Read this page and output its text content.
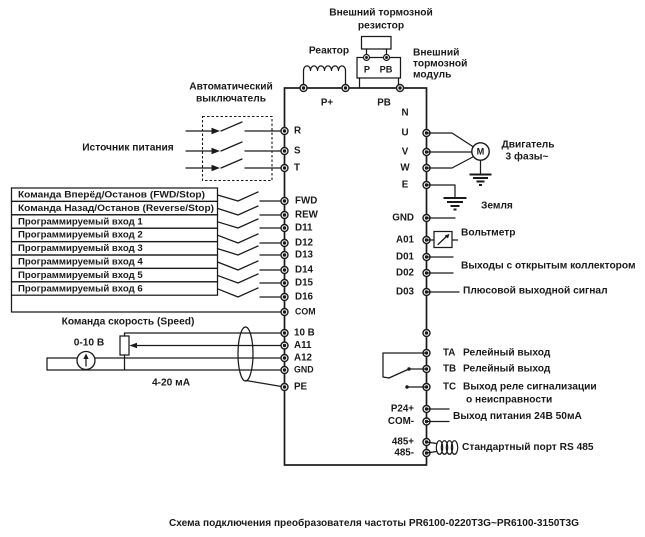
Реактор
Внешний тормозной
резистор
P PB
Внешний
тормозной
модуль
P+	PB
N
Автоматический
выключатель
Источник питания
R
S
T
Команда Вперёд/Останов (FWD/Stop)
Команда Назад/Останов (Reverse/Stop)
Программируемый вход 1
Программируемый вход 2
Программируемый вход 3
Программируемый вход 4
Программируемый вход 5
Программируемый вход 6
FWD
REW
D11
D12
D13
D14
D15
D16
COM
Команда скорость (Speed)
0-10 В
4-20 мА
10 В
A11
A12
GND
PE
U
V
W
E
M
Двигатель
3 фазы~
Земля
GND
A01
D01
D02
D03
Вольтметр
Выходы с открытым коллектором
Плюсовой выходной сигнал
TA
TB
TC
Релейный выход
Релейный выход
Выход реле сигнализации
о неисправности
P24+
COM-	Выход питания 24В 50мА
485+
485-	Стандартный порт RS 485
Схема подключения преобразователя частоты PR6100-0220T3G~PR6100-3150T3G
